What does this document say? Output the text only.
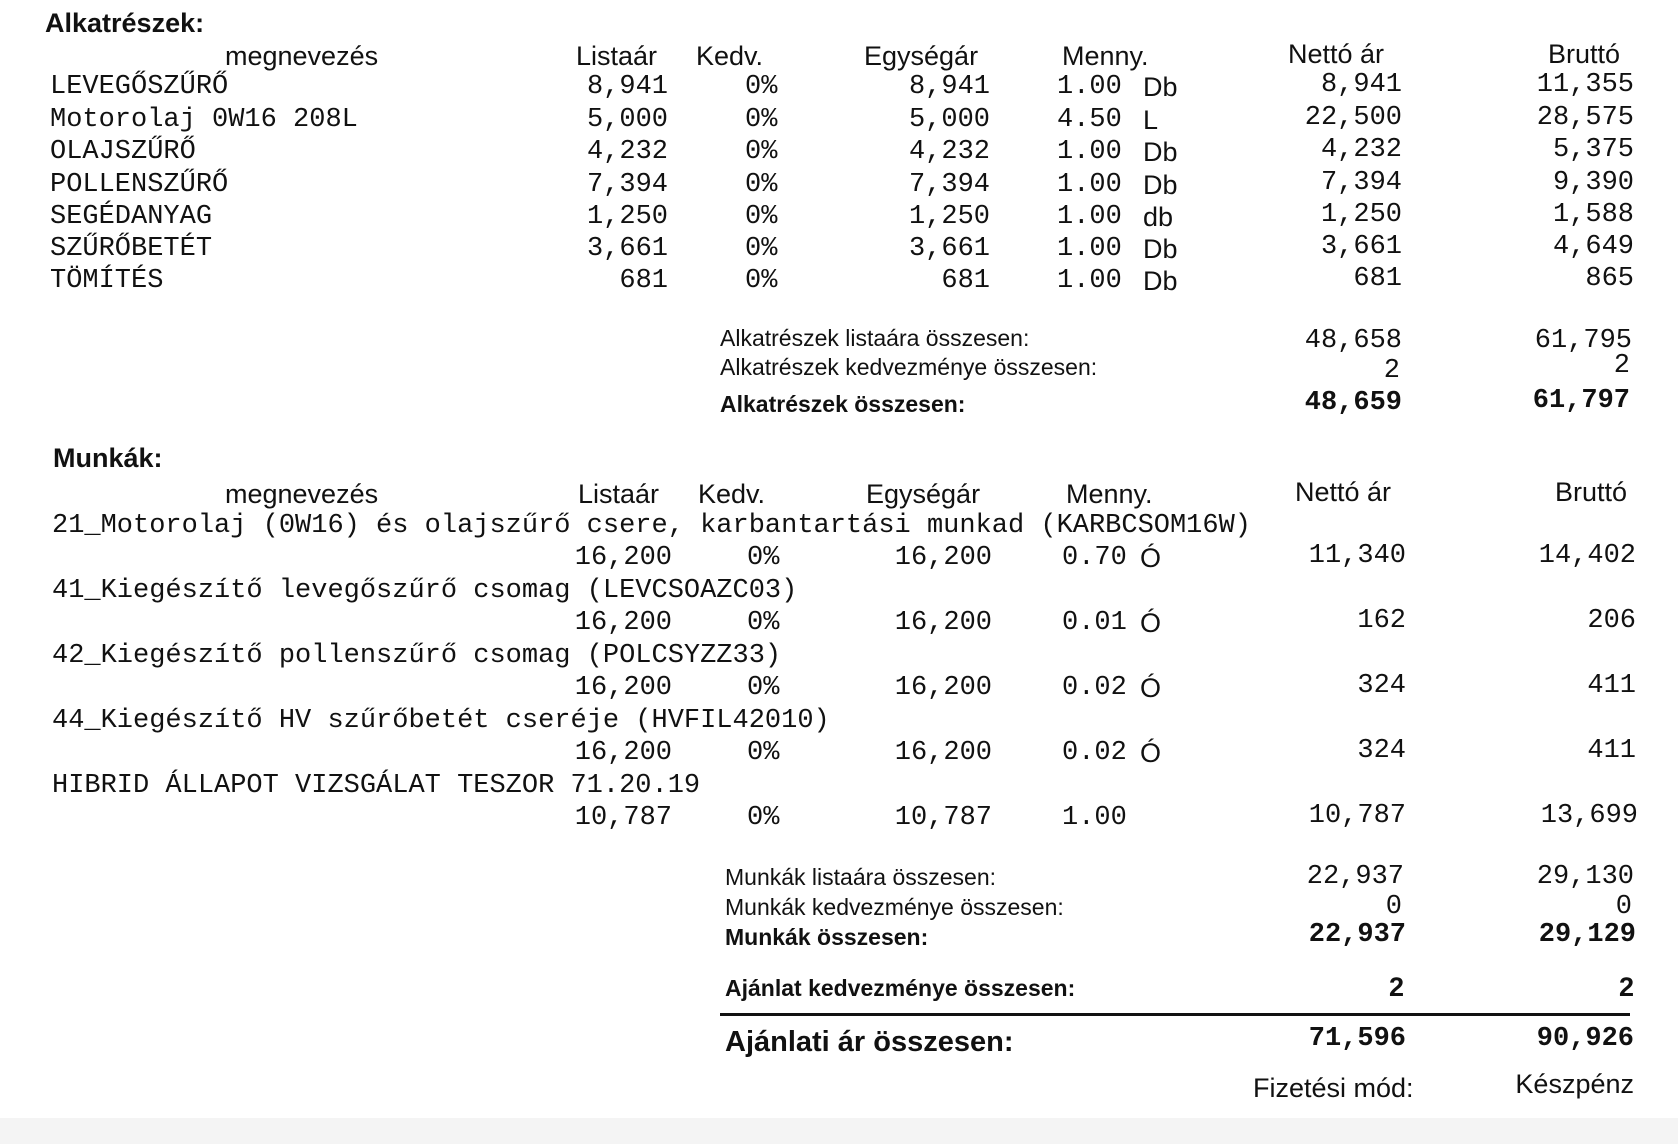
Alkatrészek:
megnevezés	Listaár Kedv.	Egységár	Menny.	Nettó ár	Bruttó
LEVEGŐSZŰRŐ	8,941	0%	8,941 1.00 Db	8,941	11,355
Motorolaj 0W16 208L	5,000	0%	5,000 4.50 L	22,500	28,575
OLAJSZŰRŐ	4,232	0%	4,232 1.00 Db	4,232	5,375
POLLENSZŰRŐ	7,394	0%	7,394 1.00 Db	7,394	9,390
SEGÉDANYAG	1,250	0%	1,250 1.00 db	1,250	1,588
SZŰRŐBETÉT	3,661	0%	3,661 1.00 Db	3,661	4,649
TÖMÍTÉS	681	0%	681 1.00 Db	681	865
Alkatrészek listaára összesen:	48,658	61,795
Alkatrészek kedvezménye összesen:	2	2
Alkatrészek összesen:	48,659	61,797
Munkák:
megnevezés	Listaár Kedv.	Egységár	Menny.	Nettó ár	Bruttó
21_Motorolaj (0W16) és olajszűrő csere, karbantartási munkad (KARBCSOM16W)
16,200	0%	16,200	0.70 Ó	11,340	14,402
41_Kiegészítő levegőszűrő csomag (LEVCSOAZC03)
16,200	0%	16,200	0.01 Ó	162	206
42_Kiegészítő pollenszűrő csomag (POLCSYZZ33)
16,200	0%	16,200	0.02 Ó	324	411
44_Kiegészítő HV szűrőbetét cseréje (HVFIL42010)
16,200	0%	16,200	0.02 Ó	324	411
HIBRID ÁLLAPOT VIZSGÁLAT TESZOR 71.20.19
10,787	0%	10,787	1.00	10,787	13,699
Munkák listaára összesen:	22,937	29,130
Munkák kedvezménye összesen:	0	0
Munkák összesen:	22,937	29,129
Ajánlat kedvezménye összesen:	2	2
Ajánlati ár összesen:	71,596	90,926
Fizetési mód:	Készpénz
